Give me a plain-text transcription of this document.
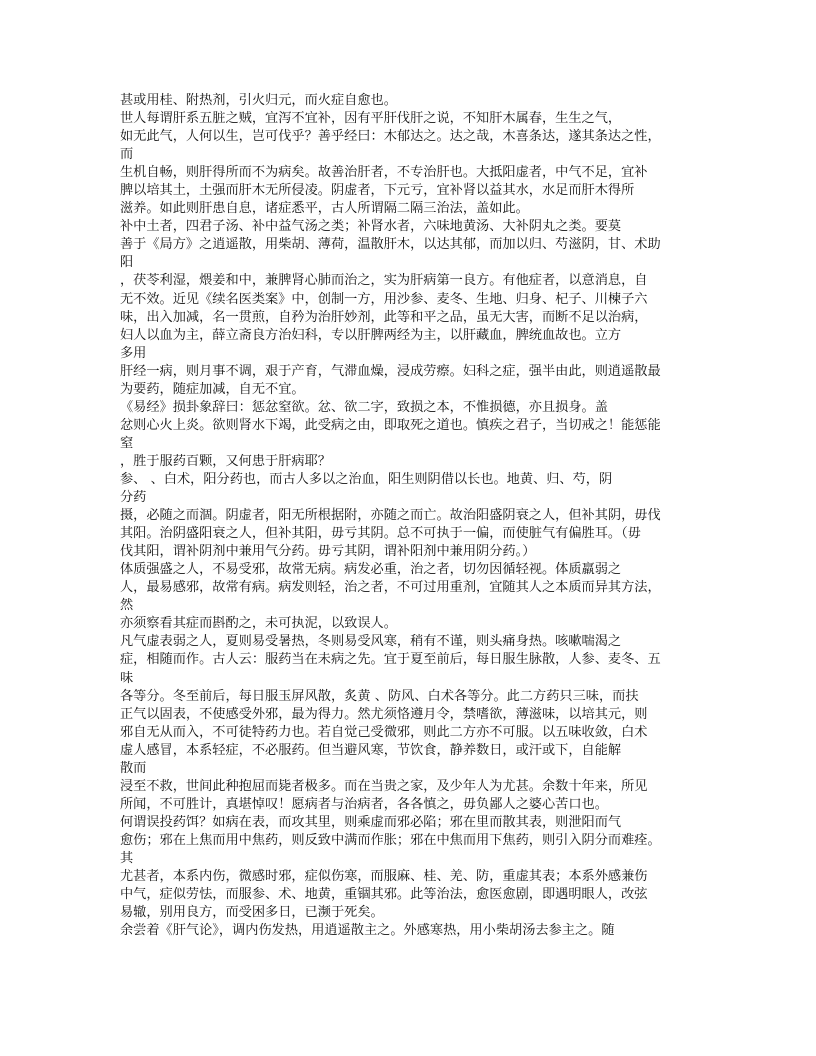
甚或用桂、附热剂，引火归元，而火症自愈也。
世人每谓肝系五脏之贼，宜泻不宜补，因有平肝伐肝之说，不知肝木属春，生生之气，
如无此气，人何以生，岂可伐乎？善乎经曰：木郁达之。达之哉，木喜条达，遂其条达之性，
而
生机自畅，则肝得所而不为病矣。故善治肝者，不专治肝也。大抵阳虚者，中气不足，宜补
脾以培其土，土强而肝木无所侵凌。阴虚者，下元亏，宜补肾以益其水，水足而肝木得所
滋养。如此则肝患自息，诸症悉平，古人所谓隔二隔三治法，盖如此。
补中土者，四君子汤、补中益气汤之类；补肾水者，六味地黄汤、大补阴丸之类。要莫
善于《局方》之逍遥散，用柴胡、薄荷，温散肝木，以达其郁，而加以归、芍滋阴，甘、术助
阳
，茯苓利湿，煨姜和中，兼脾肾心肺而治之，实为肝病第一良方。有他症者，以意消息，自
无不效。近见《续名医类案》中，创制一方，用沙参、麦冬、生地、归身、杞子、川楝子六
味，出入加减，名一贯煎，自矜为治肝妙剂，此等和平之品，虽无大害，而断不足以治病，
妇人以血为主，薛立斋良方治妇科，专以肝脾两经为主，以肝藏血，脾统血故也。立方
多用
肝经一病，则月事不调，艰于产育，气滞血燥，浸成劳瘵。妇科之症，强半由此，则逍遥散最
为要药，随症加减，自无不宜。
《易经》损卦象辞曰：惩忿窒欲。忿、欲二字，致损之本，不惟损德，亦且损身。盖
忿则心火上炎。欲则肾水下竭，此受病之由，即取死之道也。慎疾之君子，当切戒之！能惩能
窒
，胜于服药百颗，又何患于肝病耶？
参、 、白术，阳分药也，而古人多以之治血，阳生则阴借以长也。地黄、归、芍，阴
分药
摄，必随之而涸。阴虚者，阳无所根据附，亦随之而亡。故治阳盛阴衰之人，但补其阴，毋伐
其阳。治阴盛阳衰之人，但补其阳，毋亏其阴。总不可执于一偏，而使脏气有偏胜耳。（毋
伐其阳，谓补阴剂中兼用气分药。毋亏其阴，谓补阳剂中兼用阴分药。）
体质强盛之人，不易受邪，故常无病。病发必重，治之者，切勿因循轻视。体质羸弱之
人，最易感邪，故常有病。病发则轻，治之者，不可过用重剂，宜随其人之本质而异其方法，
然
亦须察看其症而斟酌之，未可执泥，以致误人。
凡气虚表弱之人，夏则易受暑热，冬则易受风寒，稍有不谨，则头痛身热。咳嗽喘渴之
症，相随而作。古人云：服药当在未病之先。宜于夏至前后，每日服生脉散，人参、麦冬、五
味
各等分。冬至前后，每日服玉屏风散，炙黄 、防风、白术各等分。此二方药只三味，而扶
正气以固表，不使感受外邪，最为得力。然尤须恪遵月令，禁嗜欲，薄滋味，以培其元，则
邪自无从而入，不可徒特药力也。若自觉己受微邪，则此二方亦不可服。以五味收敛，白术
虚人感冒，本系轻症，不必服药。但当避风寒，节饮食，静养数日，或汗或下，自能解
散而
浸至不救，世间此种抱屈而毙者极多。而在当贵之家，及少年人为尤甚。余数十年来，所见
所闻，不可胜计，真堪悼叹！愿病者与治病者，各各慎之，毋负鄙人之婆心苦口也。
何谓误投药饵？如病在表，而攻其里，则乘虚而邪必陷；邪在里而散其表，则泄阳而气
愈伤；邪在上焦而用中焦药，则反致中满而作胀；邪在中焦而用下焦药，则引入阴分而难痊。
其
尤甚者，本系内伤，微感时邪，症似伤寒，而服麻、桂、羌、防，重虚其表；本系外感兼伤
中气，症似劳怯，而服参、术、地黄，重锢其邪。此等治法，愈医愈剧，即遇明眼人，改弦
易辙，别用良方，而受困多日，已濒于死矣。
余尝着《肝气论》，调内伤发热，用逍遥散主之。外感寒热，用小柴胡汤去参主之。随
